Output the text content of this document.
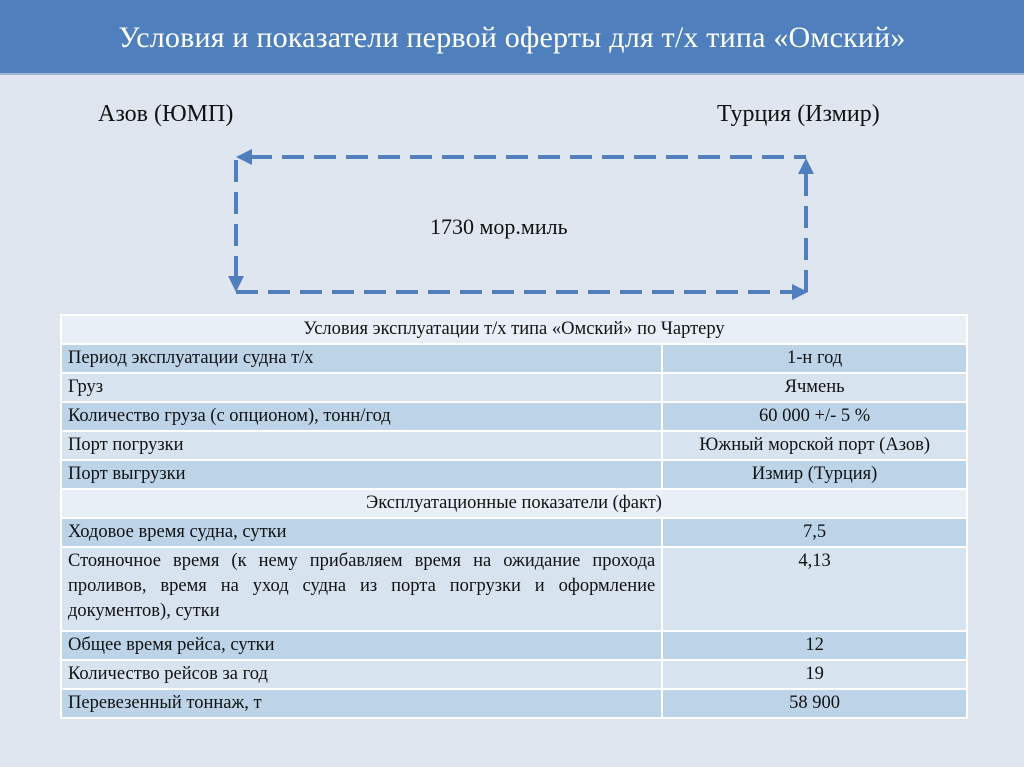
Условия и показатели первой оферты для т/х типа «Омский»
Азов (ЮМП)	Турция (Измир)
1730 мор.миль
Условия эксплуатации т/х типа «Омский» по Чартеру	
Период эксплуатации судна т/х	1-н год
Груз	Ячмень
Количество груза (с опционом), тонн/год	60 000 +/- 5 %
Порт погрузки	Южный морской порт (Азов)
Порт выгрузки	Измир (Турция)
Эксплуатационные показатели (факт)	
Ходовое время судна, сутки	7,5
Стояночное время (к нему прибавляем время на ожидание прохода проливов, время на уход судна из порта погрузки и оформление документов), сутки	4,13
Общее время рейса, сутки	12
Количество рейсов за год	19
Перевезенный тоннаж, т	58 900
